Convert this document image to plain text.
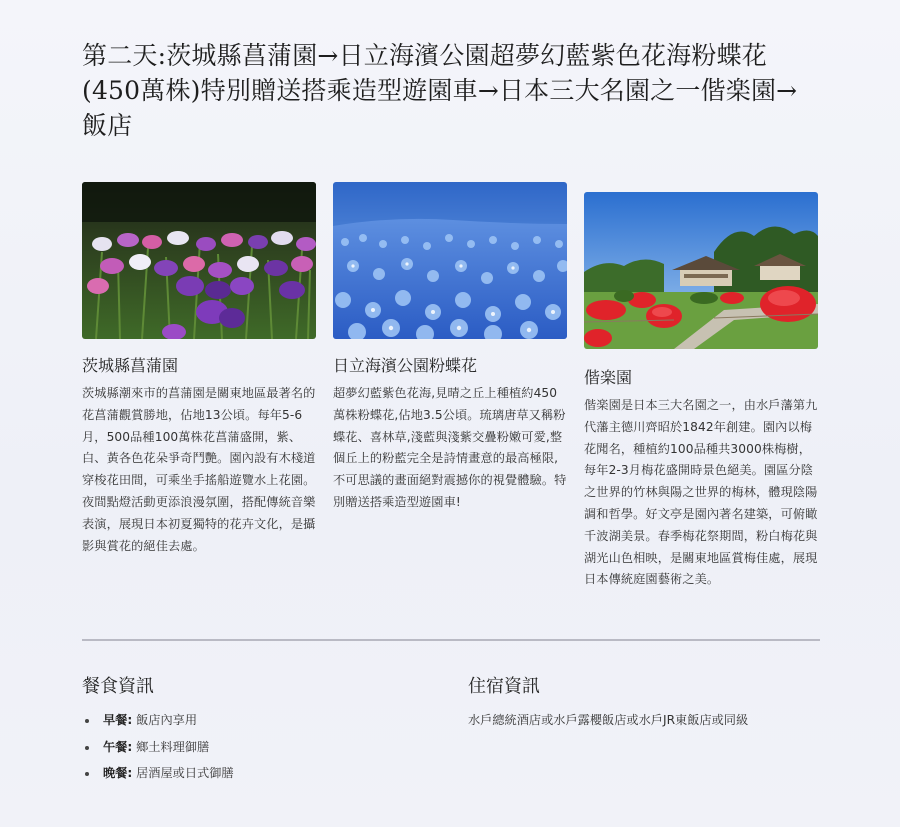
第二天:茨城縣菖蒲園→日立海濱公園超夢幻藍紫色花海粉蝶花(450萬株)特別贈送搭乘造型遊園車→日本三大名園之一偕楽園→飯店
茨城縣菖蒲園

茨城縣潮來市的菖蒲園是關東地區最著名的花菖蒲觀賞勝地，佔地13公頃。每年5-6月，500品種100萬株花菖蒲盛開，紫、白、黃各色花朵爭奇鬥艷。園內設有木棧道穿梭花田間，可乘坐手搖船遊覽水上花園。夜間點燈活動更添浪漫氛圍，搭配傳統音樂表演，展現日本初夏獨特的花卉文化，是攝影與賞花的絕佳去處。

日立海濱公園粉蝶花

超夢幻藍紫色花海,見晴之丘上種植約450萬株粉蝶花,佔地3.5公頃。琉璃唐草又稱粉蝶花、喜林草,淺藍與淺紫交疊粉嫩可愛,整個丘上的粉藍完全是詩情畫意的最高極限,不可思議的畫面絕對震撼你的視覺體驗。特別贈送搭乘造型遊園車!

偕楽園

偕楽園是日本三大名園之一，由水戶藩第九代藩主德川齊昭於1842年創建。園內以梅花聞名，種植約100品種共3000株梅樹，每年2-3月梅花盛開時景色絕美。園區分陰之世界的竹林與陽之世界的梅林，體現陰陽調和哲學。好文亭是園內著名建築，可俯瞰千波湖美景。春季梅花祭期間，粉白梅花與湖光山色相映，是關東地區賞梅佳處，展現日本傳統庭園藝術之美。

餐食資訊
早餐: 飯店內享用
午餐: 鄉土料理御膳
晚餐: 居酒屋或日式御膳
住宿資訊

水戶總統酒店或水戶露櫻飯店或水戶JR東飯店或同級
